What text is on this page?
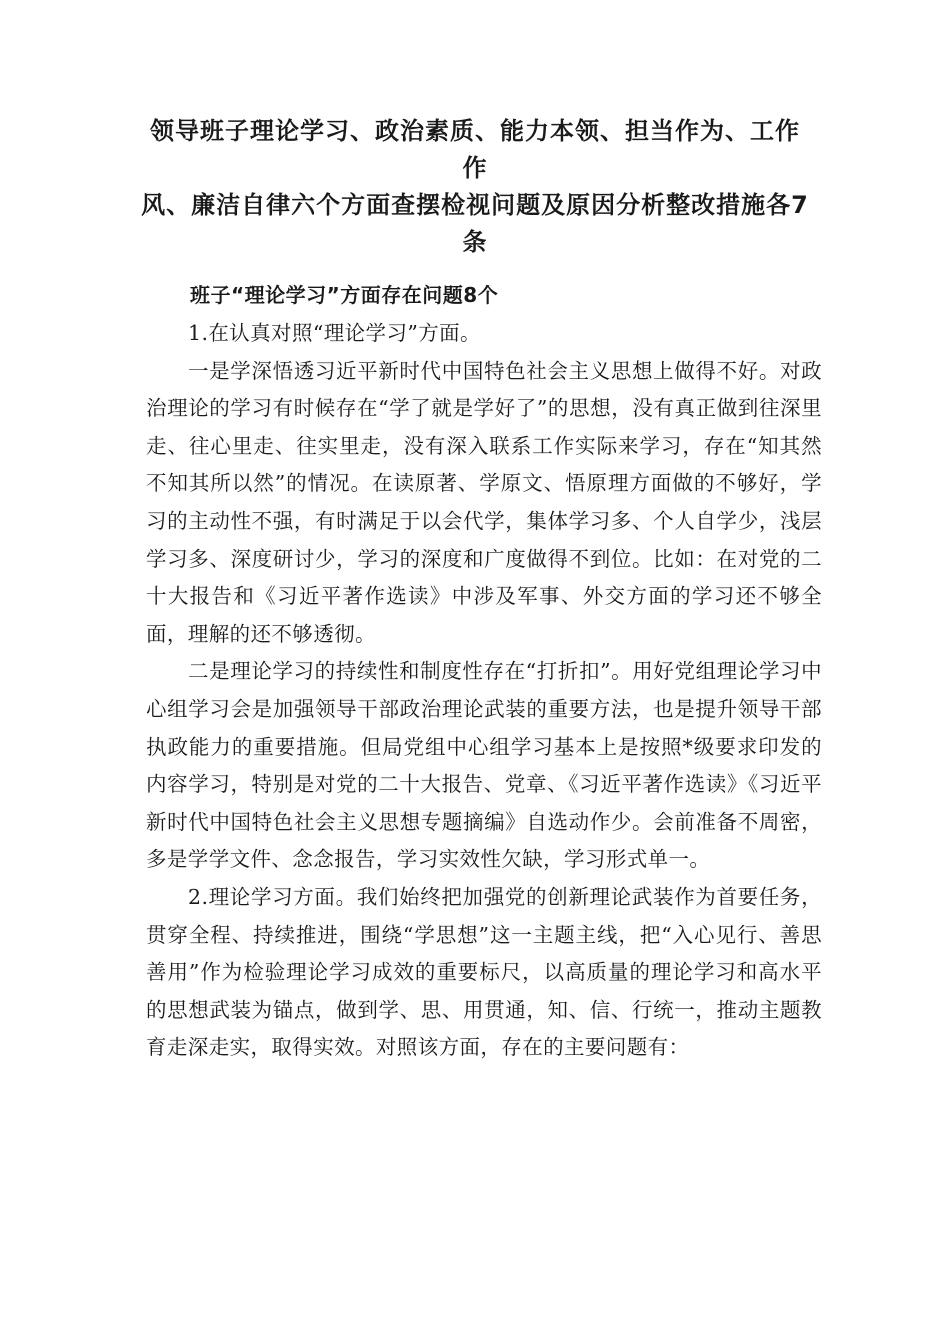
领导班子理论学习、政治素质、能力本领、担当作为、工作作
风、廉洁自律六个方面查摆检视问题及原因分析整改措施各7
条
班子“理论学习”方面存在问题8个

1.在认真对照“理论学习”方面。

一是学深悟透习近平新时代中国特色社会主义思想上做得不好。对政治理论的学习有时候存在“学了就是学好了”的思想，没有真正做到往深里走、往心里走、往实里走，没有深入联系工作实际来学习，存在“知其然不知其所以然”的情况。在读原著、学原文、悟原理方面做的不够好，学习的主动性不强，有时满足于以会代学，集体学习多、个人自学少，浅层学习多、深度研讨少，学习的深度和广度做得不到位。比如：在对党的二十大报告和《习近平著作选读》中涉及军事、外交方面的学习还不够全面，理解的还不够透彻。

二是理论学习的持续性和制度性存在“打折扣”。用好党组理论学习中心组学习会是加强领导干部政治理论武装的重要方法，也是提升领导干部执政能力的重要措施。但局党组中心组学习基本上是按照*级要求印发的内容学习，特别是对党的二十大报告、党章、《习近平著作选读》《习近平新时代中国特色社会主义思想专题摘编》自选动作少。会前准备不周密，多是学学文件、念念报告，学习实效性欠缺，学习形式单一。

2.理论学习方面。我们始终把加强党的创新理论武装作为首要任务，贯穿全程、持续推进，围绕“学思想”这一主题主线，把“入心见行、善思善用”作为检验理论学习成效的重要标尺，以高质量的理论学习和高水平的思想武装为锚点，做到学、思、用贯通，知、信、行统一，推动主题教育走深走实，取得实效。对照该方面，存在的主要问题有：
